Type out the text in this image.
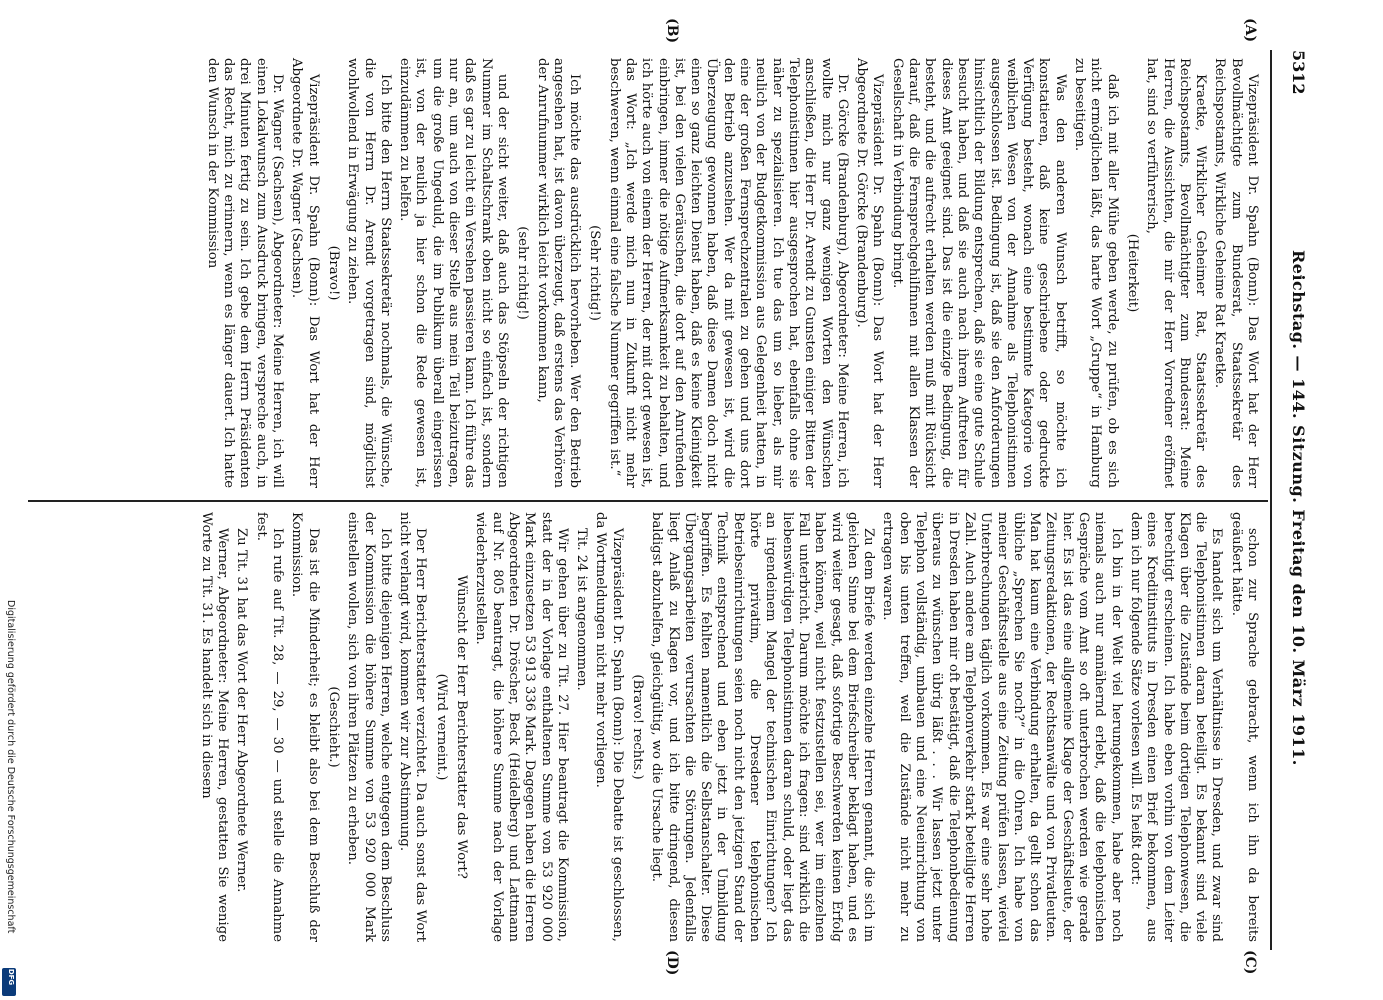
5312
Reichstag. — 144. Sitzung. Freitag den 10. März 1911.
(A)
(B)
(C)
(D)

Vizepräsident Dr. Spahn (Bonn): Das Wort hat der Herr Bevollmächtigte zum Bundesrat, Staatssekretär des Reichspostamts, Wirkliche Geheime Rat Kraetke.

Kraetke, Wirklicher Geheimer Rat, Staatssekretär des Reichspostamts, Bevollmächtigter zum Bundesrat: Meine Herren, die Aussichten, die mir der Herr Vorredner eröffnet hat, sind so verführerisch,

(Heiterkeit)

daß ich mit aller Mühe geben werde, zu prüfen, ob es sich nicht ermöglichen läßt, das harte Wort „Gruppe“ in Hamburg zu beseitigen.

Was den anderen Wunsch betrifft, so möchte ich konstatieren, daß keine geschriebene oder gedruckte Verfügung besteht, wonach eine bestimmte Kategorie von weiblichen Wesen von der Annahme als Telephonistinnen ausgeschlossen ist. Bedingung ist, daß sie den Anforderungen hinsichtlich der Bildung entsprechen, daß sie eine gute Schule besucht haben, und daß sie auch nach ihrem Auftreten für dieses Amt geeignet sind. Das ist die einzige Bedingung, die besteht, und die aufrecht erhalten werden muß mit Rücksicht darauf, daß die Fernsprechgehilfinnen mit allen Klassen der Gesellschaft in Verbindung bringt.

Vizepräsident Dr. Spahn (Bonn): Das Wort hat der Herr Abgeordnete Dr. Görcke (Brandenburg).

Dr. Görcke (Brandenburg), Abgeordneter: Meine Herren, ich wollte mich nur ganz wenigen Worten den Wünschen anschließen, die Herr Dr. Arendt zu Gunsten einiger Bitten der Telephonistinnen hier ausgesprochen hat, ebenfalls ohne sie näher zu spezialisieren. Ich tue das um so lieber, als mir neulich von der Budgetkommission aus Gelegenheit hatten, in eine der großen Fernsprechzentralen zu gehen und uns dort den Betrieb anzusehen. Wer da mit gewesen ist, wird die Überzeugung gewonnen haben, daß diese Damen doch nicht einen so ganz leichten Dienst haben, daß es keine Kleinigkeit ist, bei den vielen Geräuschen, die dort auf den Anrufenden einbringen, immer die nötige Aufmerksamkeit zu behalten, und ich hörte auch von einem der Herren, der mit dort gewesen ist, das Wort: „Ich werde mich nun in Zukunft nicht mehr beschweren, wenn einmal eine falsche Nummer gegriffen ist.“

(Sehr richtig!)

Ich möchte das ausdrücklich hervorheben. Wer den Betrieb angesehen hat, ist davon überzeugt, daß erstens das Verhören der Anrufnummer wirklich leicht vorkommen kann,

(sehr richtig!)

und der sicht weiter, daß auch das Stöpseln der richtigen Nummer im Schaltschrank oben nicht so einfach ist, sondern daß es gar zu leicht ein Versehen passieren kann. Ich führe das nur an, um auch von dieser Stelle aus mein Teil beizutragen, um die große Ungeduld, die im Publikum überall eingerissen ist, von der neulich ja hier schon die Rede gewesen ist, einzudämmen zu helfen.

Ich bitte den Herrn Staatssekretär nochmals, die Wünsche, die von Herrn Dr. Arendt vorgetragen sind, möglichst wohlwollend in Erwägung zu ziehen.

(Bravo!)

Vizepräsident Dr. Spahn (Bonn): Das Wort hat der Herr Abgeordnete Dr. Wagner (Sachsen).

Dr. Wagner (Sachsen), Abgeordneter: Meine Herren, ich will einen Lokalwunsch zum Ausdruck bringen, verspreche auch, in drei Minuten fertig zu sein. Ich gebe dem Herrn Präsidenten das Recht, mich zu erinnern, wenn es länger dauert. Ich hatte den Wunsch in der Kommission

schon zur Sprache gebracht, wenn ich ihn da bereits geäußert hätte.

Es handelt sich um Verhältnisse in Dresden, und zwar sind die Telephonistinnen daran beteiligt. Es bekannt sind viele Klagen über die Zustände beim dortigen Telephonwesen, die berechtigt erscheinen. Ich habe eben vorhin von dem Leiter eines Kreditinstituts in Dresden einen Brief bekommen, aus dem ich nur folgende Sätze vorlesen will. Es heißt dort:

Ich bin in der Welt viel herumgekommen, habe aber noch niemals auch nur annähernd erlebt, daß die telephonischen Gespräche vom Amt so oft unterbrochen werden wie gerade hier. Es ist das eine allgemeine Klage der Geschäftsleute, der Zeitungsredaktionen, der Rechtsanwälte und von Privatleuten. Man hat kaum eine Verbindung erhalten, da gellt schon das übliche „Sprechen Sie noch?“ in die Ohren. Ich habe von meiner Geschäftsstelle aus eine Zeitung prüfen lassen, wieviel Unterbrechungen täglich vorkommen. Es war eine sehr hohe Zahl. Auch andere am Telephonverkehr stark beteiligte Herren in Dresden haben mir oft bestätigt, daß die Telephonbedienung überaus zu wünschen übrig läßt . . . Wir lassen jetzt unter Telephon vollständig, umbauen und eine Neueinrichtung von oben bis unten treffen, weil die Zustände nicht mehr zu ertragen waren.

Zu dem Briefe werden einzelne Herren genannt, die sich im gleichen Sinne bei dem Briefschreiber beklagt haben, und es wird weiter gesagt, daß sofortige Beschwerden keinen Erfolg haben können, weil nicht festzustellen sei, wer im einzelnen Fall unterbricht. Darum möchte ich fragen: sind wirklich die liebenswürdigen Telephonistinnen daran schuld, oder liegt das an irgendeinem Mangel der technischen Einrichtungen? Ich hörte privatim, die Dresdener telephonischen Betriebseinrichtungen seien noch nicht den jetzigen Stand der Technik entsprechend und eben jetzt in der Umbildung begriffen. Es fehlten namentlich die Selbstanschalter. Diese Übergangsarbeiten verursachten die Störungen. Jedenfalls liegt Anlaß zu Klagen vor, und ich bitte dringend, diesen baldigst abzuhelfen, gleichgültig, wo die Ursache liegt.

(Bravo! rechts.)

Vizepräsident Dr. Spahn (Bonn): Die Debatte ist geschlossen, da Wortmeldungen nicht mehr vorliegen.

Tit. 24 ist angenommen.

Wir gehen über zu Tit. 27. Hier beantragt die Kommission, statt der in der Vorlage enthaltenen Summe von 53 920 000 Mark einzusetzen 53 913 336 Mark. Dagegen haben die Herren Abgeordneten Dr. Dröscher, Beck (Heidelberg) und Lattmann auf Nr. 805 beantragt, die höhere Summe nach der Vorlage wiederherzustellen.

Wünscht der Herr Berichterstatter das Wort?

(Wird verneint.)

Der Herr Berichterstatter verzichtet. Da auch sonst das Wort nicht verlangt wird, kommen wir zur Abstimmung.

Ich bitte diejenigen Herren, welche entgegen dem Beschluss der Kommission die höhere Summe von 53 920 000 Mark einstellen wollen, sich von ihren Plätzen zu erheben.

(Geschieht.)

Das ist die Minderheit; es bleibt also bei dem Beschluß der Kommission.

Ich rufe auf Tit. 28, — 29, — 30 — und stelle die Annahme fest.

Zu Tit. 31 hat das Wort der Herr Abgeordnete Werner.

Werner, Abgeordneter: Meine Herren, gestatten Sie wenige Worte zu Tit. 31. Es handelt sich in diesem

Digitalisierung gefördert durch die Deutsche Forschungsgemeinschaft
DFG
